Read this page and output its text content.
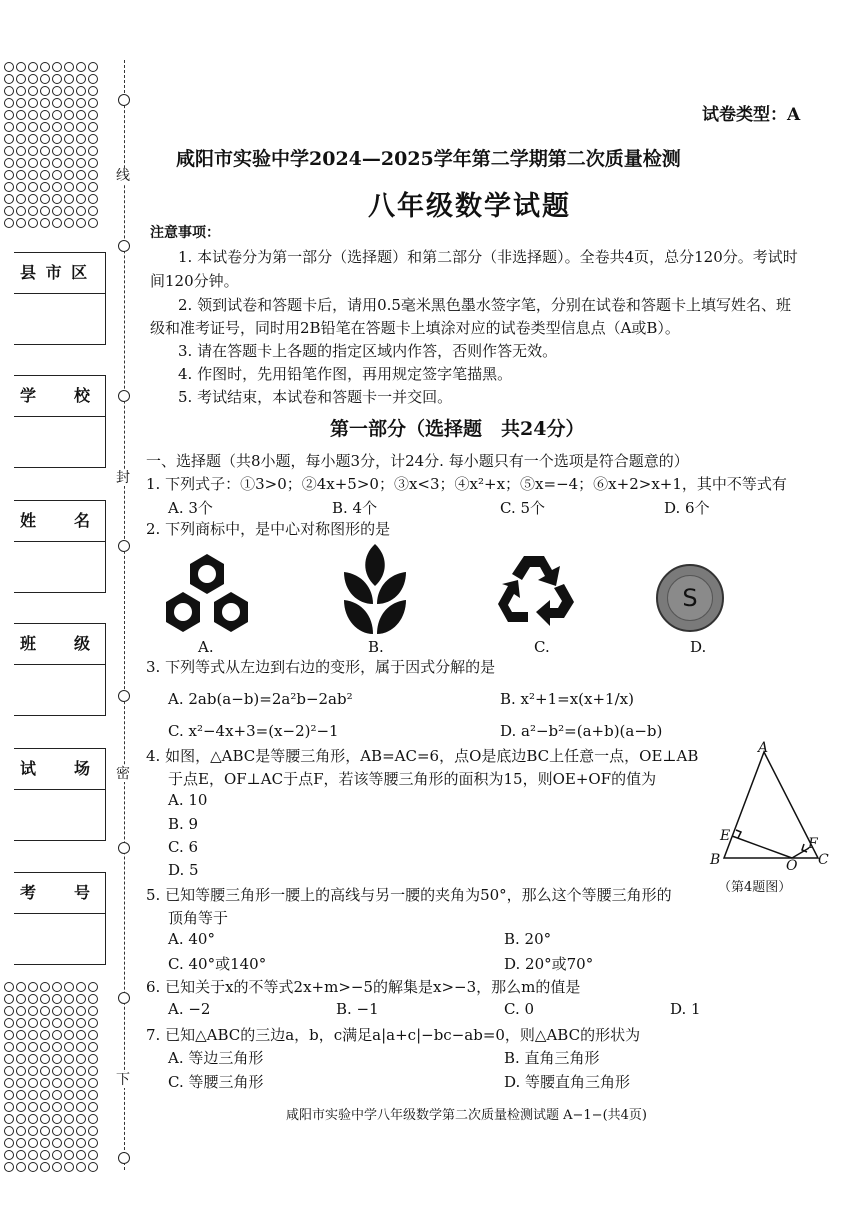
县 市 区
学　　校
姓　　名
班　　级
试　　场
考　　号
线
封
密
下
试卷类型：A
咸阳市实验中学2024—2025学年第二学期第二次质量检测
八年级数学试题
注意事项：
1. 本试卷分为第一部分（选择题）和第二部分（非选择题）。全卷共4页，总分120分。考试时
间120分钟。
2. 领到试卷和答题卡后，请用0.5毫米黑色墨水签字笔，分别在试卷和答题卡上填写姓名、班
级和准考证号，同时用2B铅笔在答题卡上填涂对应的试卷类型信息点（A或B）。
3. 请在答题卡上各题的指定区域内作答，否则作答无效。
4. 作图时，先用铅笔作图，再用规定签字笔描黑。
5. 考试结束，本试卷和答题卡一并交回。
第一部分（选择题　共24分）
一、选择题（共8小题，每小题3分，计24分. 每小题只有一个选项是符合题意的）
1. 下列式子：①3>0；②4x+5>0；③x<3；④x²+x；⑤x=−4；⑥x+2>x+1，其中不等式有
A. 3个	B. 4个	C. 5个	D. 6个
2. 下列商标中，是中心对称图形的是
A.	B.	C.
S
D.
3. 下列等式从左边到右边的变形，属于因式分解的是
A. 2ab(a−b)=2a²b−2ab²	B. x²+1=x(x+1/x)
C. x²−4x+3=(x−2)²−1	D. a²−b²=(a+b)(a−b)
4. 如图，△ABC是等腰三角形，AB=AC=6，点O是底边BC上任意一点，OE⊥AB
于点E，OF⊥AC于点F，若该等腰三角形的面积为15，则OE+OF的值为
A. 10
B. 9
C. 6
D. 5
A
E	F
B	O C
（第4题图）
5. 已知等腰三角形一腰上的高线与另一腰的夹角为50°，那么这个等腰三角形的
顶角等于
A. 40°	B. 20°
C. 40°或140°	D. 20°或70°
6. 已知关于x的不等式2x+m>−5的解集是x>−3，那么m的值是
A. −2	B. −1	C. 0	D. 1
7. 已知△ABC的三边a，b，c满足a|a+c|−bc−ab=0，则△ABC的形状为
A. 等边三角形	B. 直角三角形
C. 等腰三角形	D. 等腰直角三角形
咸阳市实验中学八年级数学第二次质量检测试题 A−1−(共4页)
